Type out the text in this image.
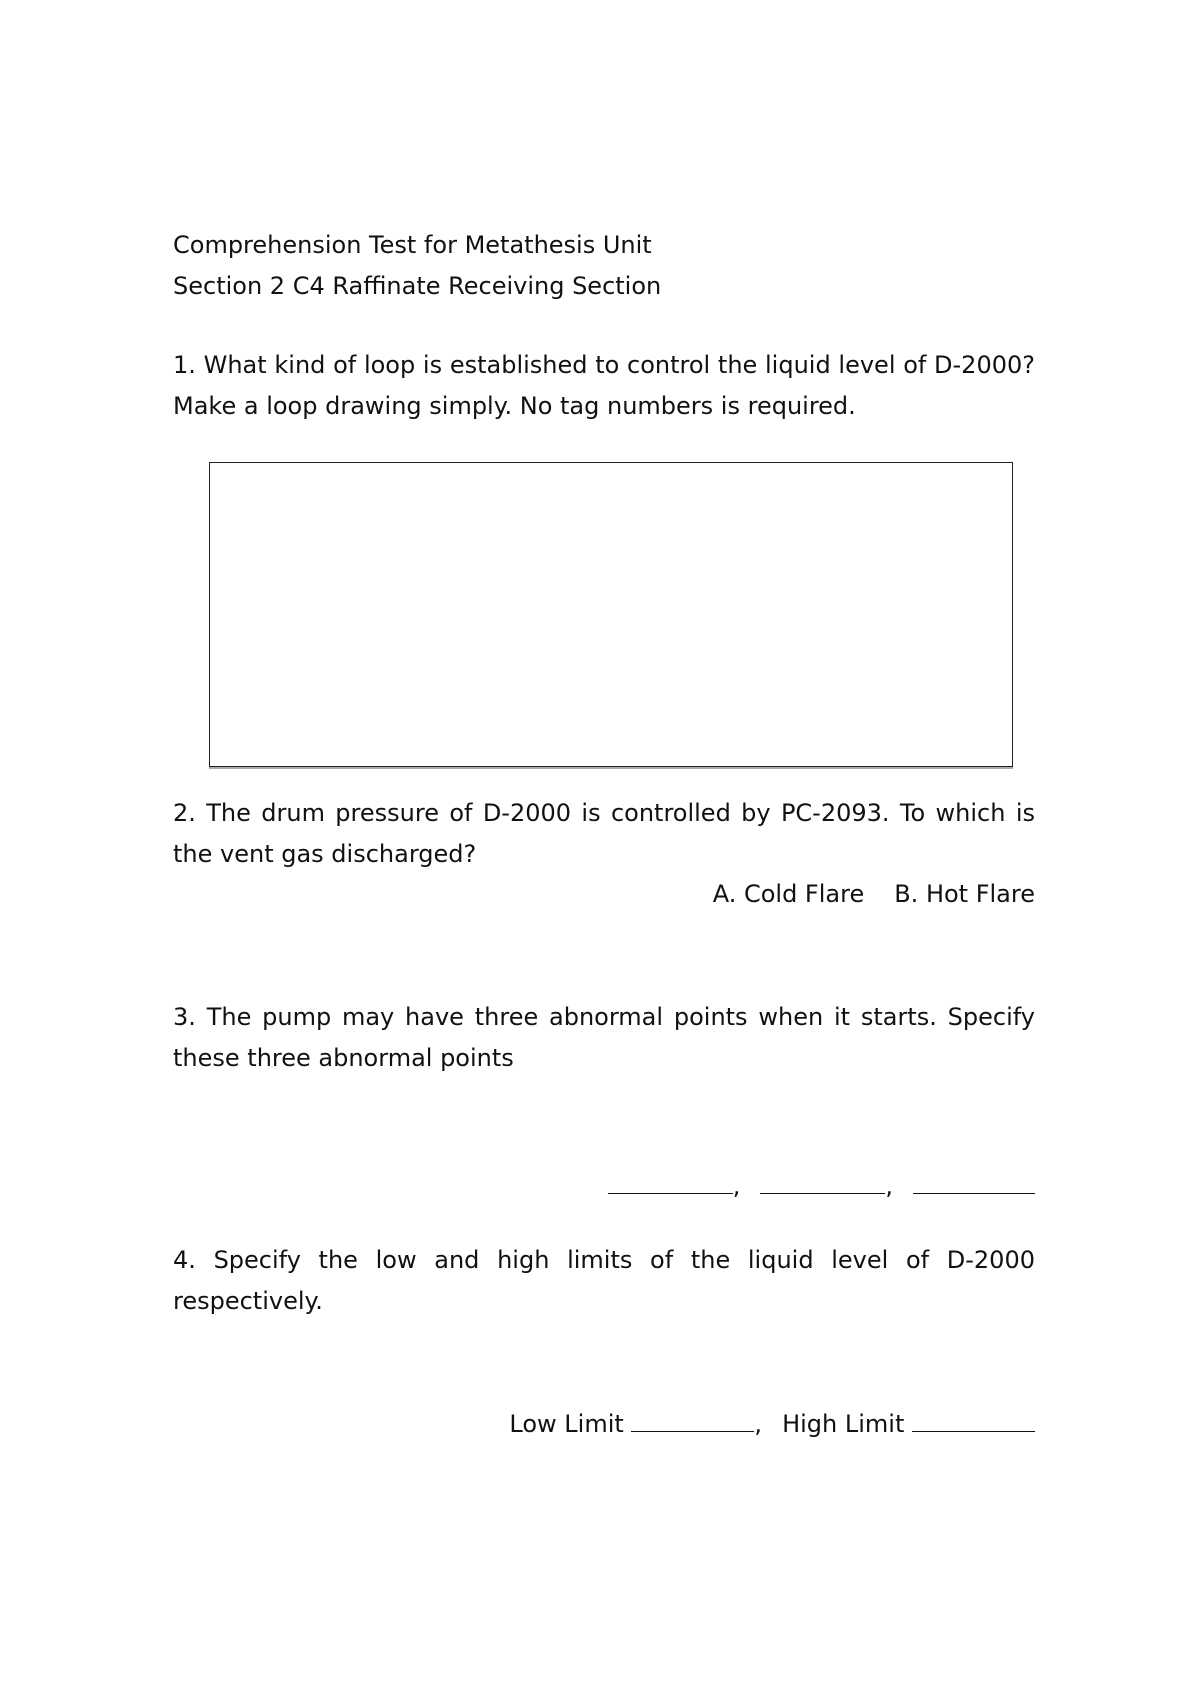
Comprehension Test for Metathesis Unit
Section 2 C4 Raffinate Receiving Section

1. What kind of loop is established to control the liquid level of D-2000? Make a loop drawing simply. No tag numbers is required.

2. The drum pressure of D-2000 is controlled by PC-2093. To which is the vent gas discharged?

A. Cold Flare B. Hot Flare

3. The pump may have three abnormal points when it starts. Specify these three abnormal points

,	,

4. Specify the low and high limits of the liquid level of D-2000 respectively.

Low Limit	, High Limit
